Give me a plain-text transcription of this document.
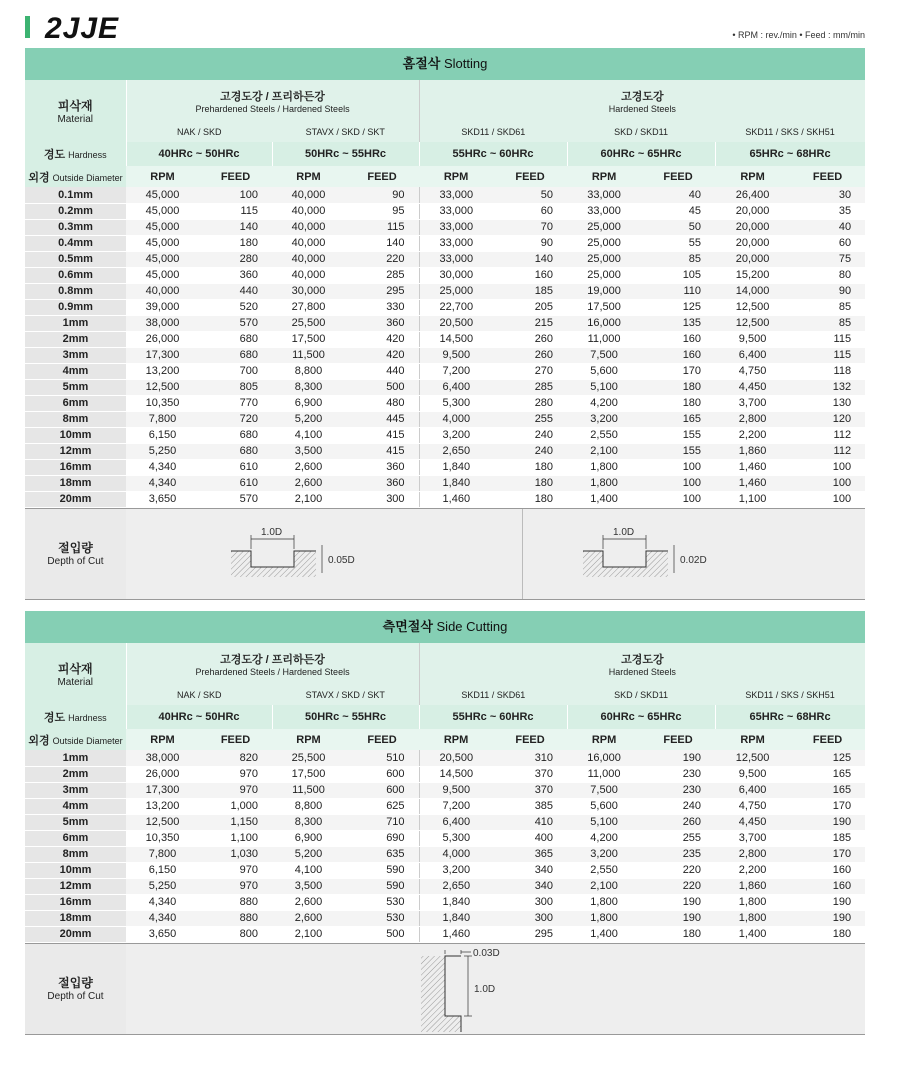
2JJE	• RPM : rev./min • Feed : mm/min
홈절삭 Slotting
피삭재
Material	고경도강 / 프리하든강
Prehardened Steels / Hardened Steels				고경도강
Hardened Steels					

	NAK / SKD		STAVX / SKD / SKT		SKD11 / SKD61		SKD / SKD11		SKD11 / SKS / SKH51	
경도 Hardness	40HRc ~ 50HRc		50HRc ~ 55HRc		55HRc ~ 60HRc		60HRc ~ 65HRc		65HRc ~ 68HRc	
외경 Outside Diameter	RPM	FEED	RPM	FEED	RPM	FEED	RPM	FEED	RPM	FEED
0.1mm	45,000	100	40,000	90	33,000	50	33,000	40	26,400	30
0.2mm	45,000	115	40,000	95	33,000	60	33,000	45	20,000	35
0.3mm	45,000	140	40,000	115	33,000	70	25,000	50	20,000	40
0.4mm	45,000	180	40,000	140	33,000	90	25,000	55	20,000	60
0.5mm	45,000	280	40,000	220	33,000	140	25,000	85	20,000	75
0.6mm	45,000	360	40,000	285	30,000	160	25,000	105	15,200	80
0.8mm	40,000	440	30,000	295	25,000	185	19,000	110	14,000	90
0.9mm	39,000	520	27,800	330	22,700	205	17,500	125	12,500	85
1mm	38,000	570	25,500	360	20,500	215	16,000	135	12,500	85
2mm	26,000	680	17,500	420	14,500	260	11,000	160	9,500	115
3mm	17,300	680	11,500	420	9,500	260	7,500	160	6,400	115
4mm	13,200	700	8,800	440	7,200	270	5,600	170	4,750	118
5mm	12,500	805	8,300	500	6,400	285	5,100	180	4,450	132
6mm	10,350	770	6,900	480	5,300	280	4,200	180	3,700	130
8mm	7,800	720	5,200	445	4,000	255	3,200	165	2,800	120
10mm	6,150	680	4,100	415	3,200	240	2,550	155	2,200	112
12mm	5,250	680	3,500	415	2,650	240	2,100	155	1,860	112
16mm	4,340	610	2,600	360	1,840	180	1,800	100	1,460	100
18mm	4,340	610	2,600	360	1,840	180	1,800	100	1,460	100
20mm	3,650	570	2,100	300	1,460	180	1,400	100	1,100	100
절입량
Depth of Cut
1.0D
0.05D
1.0D
0.02D
측면절삭 Side Cutting
피삭재
Material	고경도강 / 프리하든강
Prehardened Steels / Hardened Steels				고경도강
Hardened Steels					

	NAK / SKD		STAVX / SKD / SKT		SKD11 / SKD61		SKD / SKD11		SKD11 / SKS / SKH51	
경도 Hardness	40HRc ~ 50HRc		50HRc ~ 55HRc		55HRc ~ 60HRc		60HRc ~ 65HRc		65HRc ~ 68HRc	
외경 Outside Diameter	RPM	FEED	RPM	FEED	RPM	FEED	RPM	FEED	RPM	FEED
1mm	38,000	820	25,500	510	20,500	310	16,000	190	12,500	125
2mm	26,000	970	17,500	600	14,500	370	11,000	230	9,500	165
3mm	17,300	970	11,500	600	9,500	370	7,500	230	6,400	165
4mm	13,200	1,000	8,800	625	7,200	385	5,600	240	4,750	170
5mm	12,500	1,150	8,300	710	6,400	410	5,100	260	4,450	190
6mm	10,350	1,100	6,900	690	5,300	400	4,200	255	3,700	185
8mm	7,800	1,030	5,200	635	4,000	365	3,200	235	2,800	170
10mm	6,150	970	4,100	590	3,200	340	2,550	220	2,200	160
12mm	5,250	970	3,500	590	2,650	340	2,100	220	1,860	160
16mm	4,340	880	2,600	530	1,840	300	1,800	190	1,800	190
18mm	4,340	880	2,600	530	1,840	300	1,800	190	1,800	190
20mm	3,650	800	2,100	500	1,460	295	1,400	180	1,400	180
절입량
Depth of Cut
0.03D
1.0D
